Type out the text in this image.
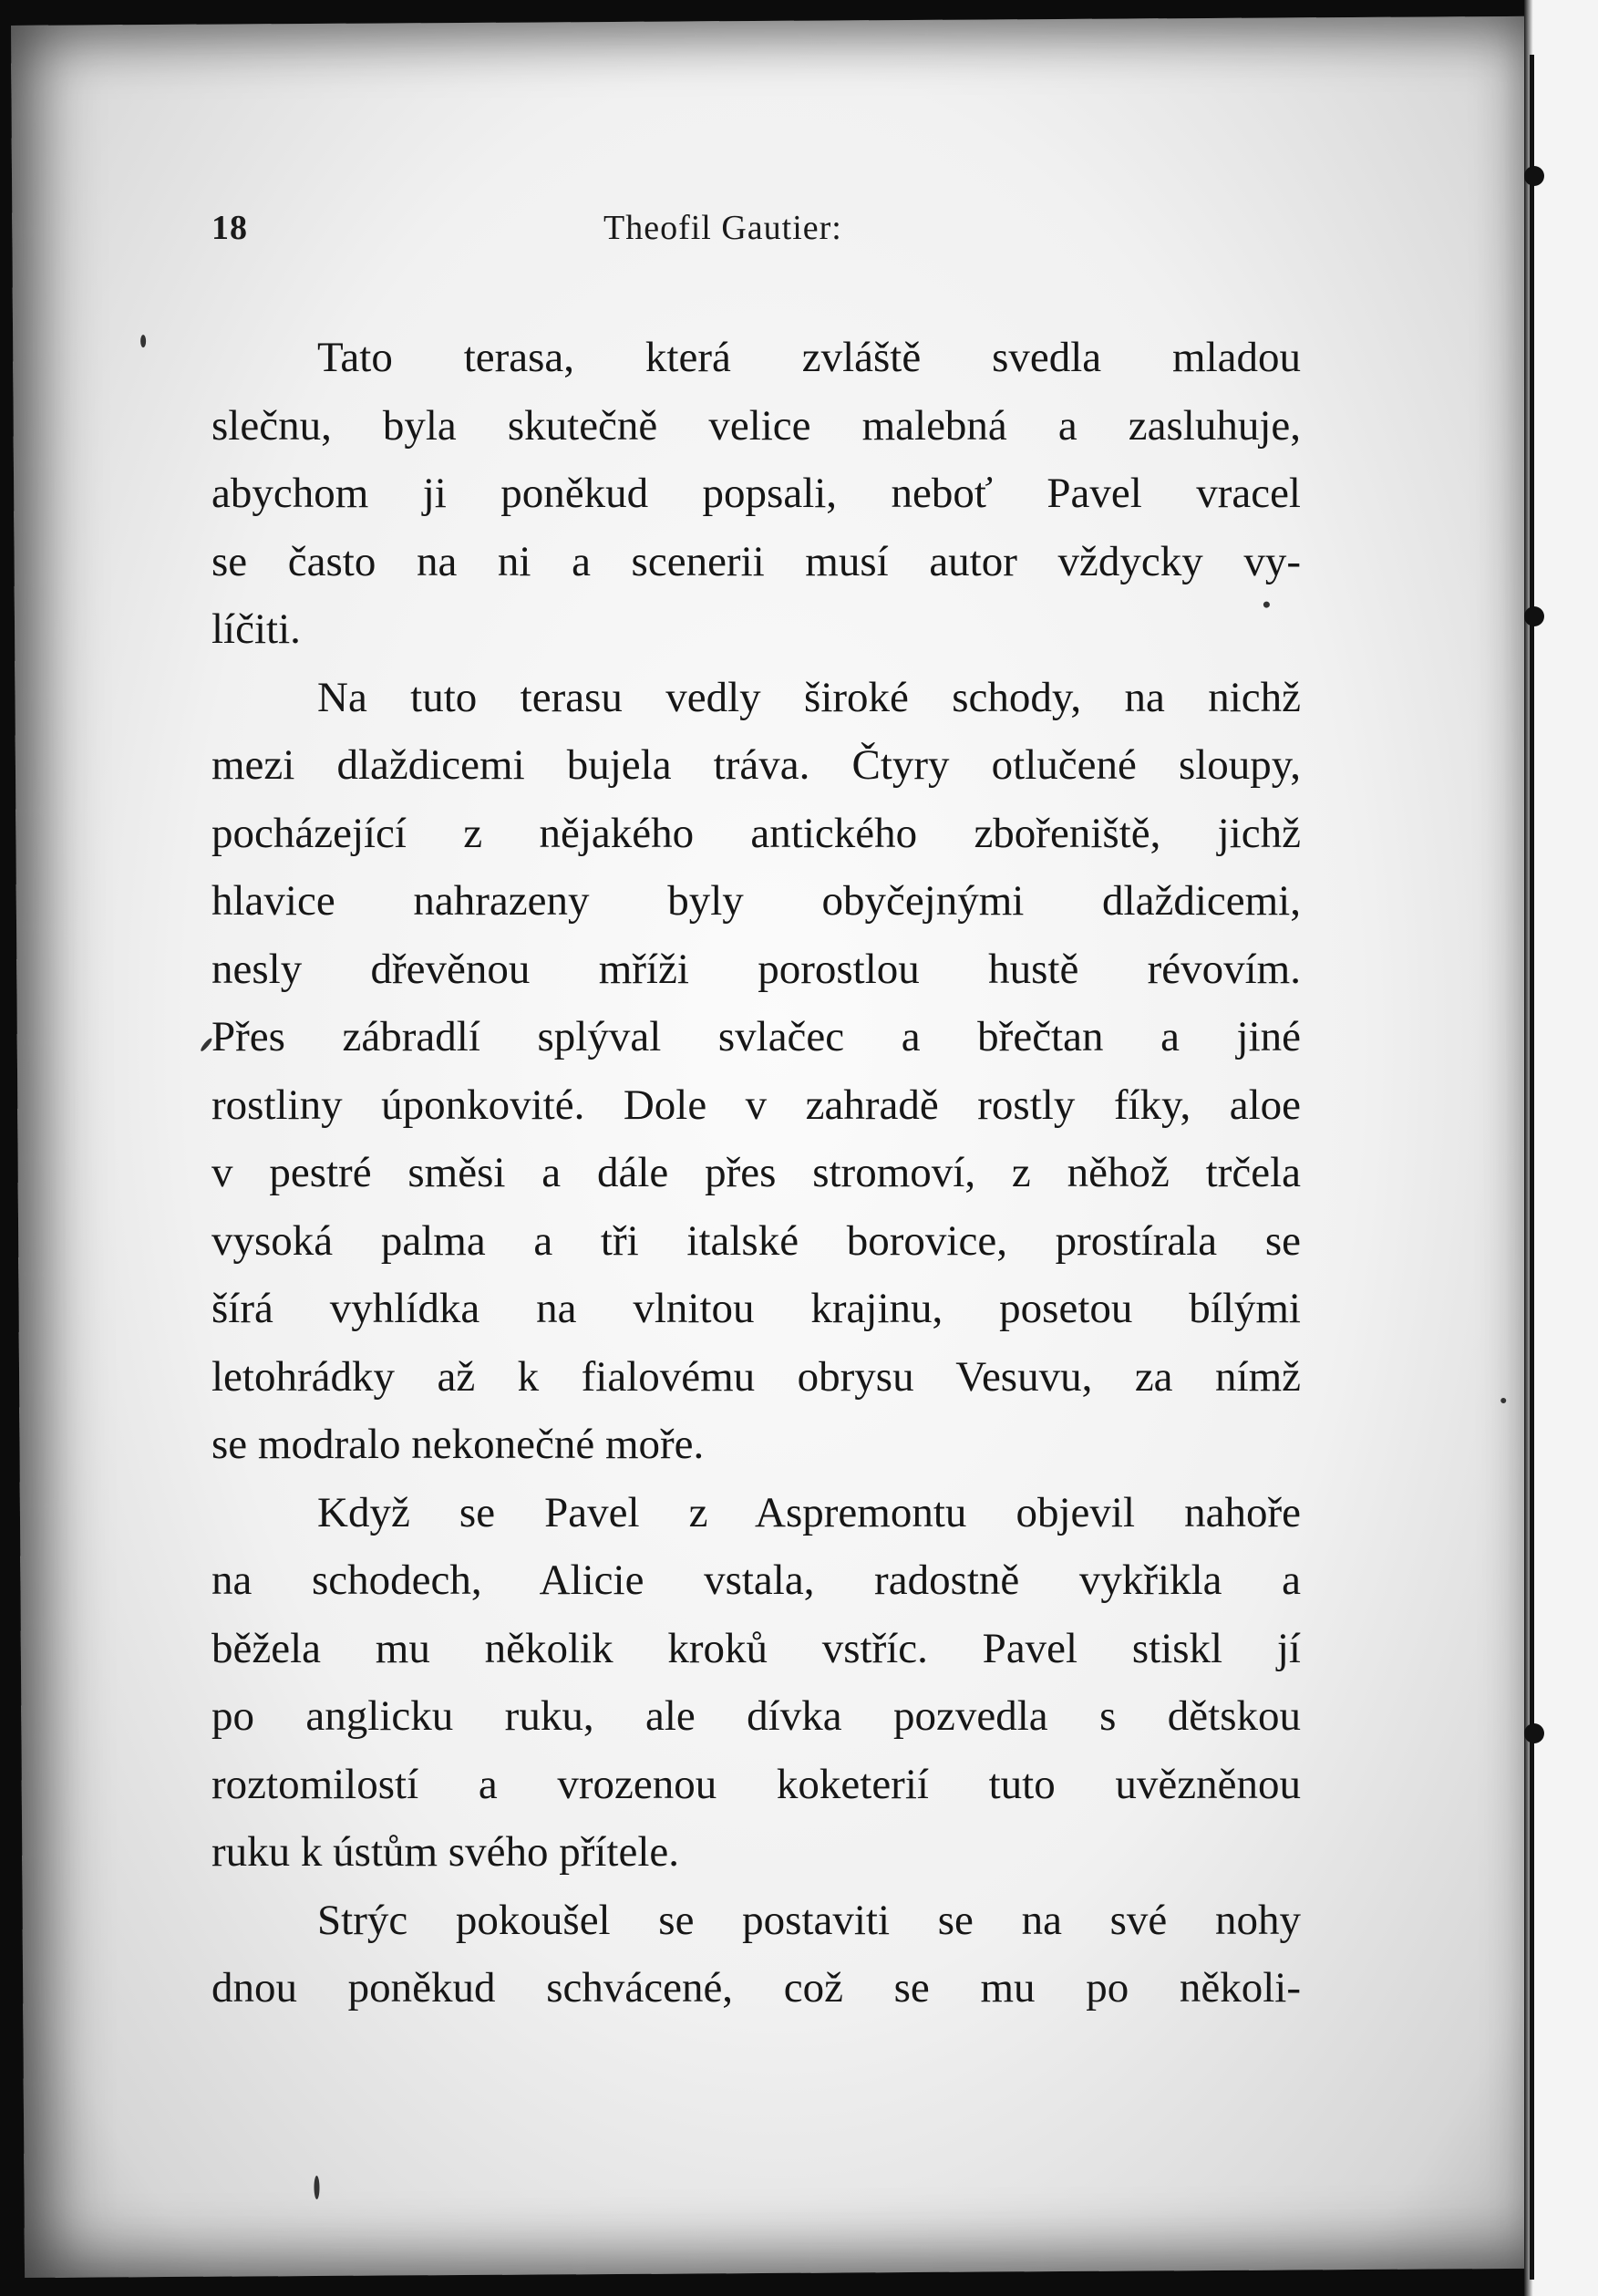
18	Theofil Gautier:
Tato terasa, která zvláště svedla mladou
slečnu, byla skutečně velice malebná a zasluhuje,
abychom ji poněkud popsali, neboť Pavel vracel
se často na ni a scenerii musí autor vždycky vy-
líčiti.
Na tuto terasu vedly široké schody, na nichž
mezi dlaždicemi bujela tráva. Čtyry otlučené sloupy,
pocházející z nějakého antického zbořeniště, jichž
hlavice nahrazeny byly obyčejnými dlaždicemi,
nesly dřevěnou mříži porostlou hustě révovím.
Přes zábradlí splýval svlačec a břečtan a jiné
rostliny úponkovité. Dole v zahradě rostly fíky, aloe
v pestré směsi a dále přes stromoví, z něhož trčela
vysoká palma a tři italské borovice, prostírala se
šírá vyhlídka na vlnitou krajinu, posetou bílými
letohrádky až k fialovému obrysu Vesuvu, za nímž
se modralo nekonečné moře.
Když se Pavel z Aspremontu objevil nahoře
na schodech, Alicie vstala, radostně vykřikla a
běžela mu několik kroků vstříc. Pavel stiskl jí
po anglicku ruku, ale dívka pozvedla s dětskou
roztomilostí a vrozenou koketerií tuto uvězněnou
ruku k ústům svého přítele.
Strýc pokoušel se postaviti se na své nohy
dnou poněkud schvácené, což se mu po několi-
